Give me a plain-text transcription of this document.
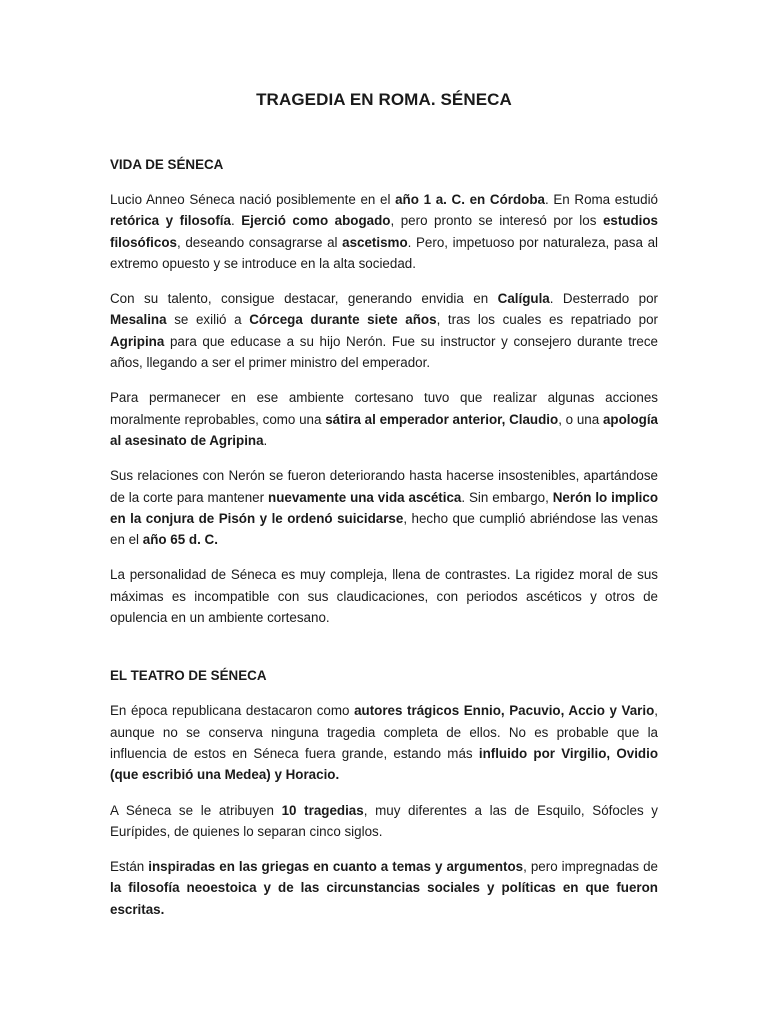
TRAGEDIA EN ROMA. SÉNECA
VIDA DE SÉNECA

Lucio Anneo Séneca nació posiblemente en el año 1 a. C. en Córdoba. En Roma estudió retórica y filosofía. Ejerció como abogado, pero pronto se interesó por los estudios filosóficos, deseando consagrarse al ascetismo. Pero, impetuoso por naturaleza, pasa al extremo opuesto y se introduce en la alta sociedad.

Con su talento, consigue destacar, generando envidia en Calígula. Desterrado por Mesalina se exilió a Córcega durante siete años, tras los cuales es repatriado por Agripina para que educase a su hijo Nerón. Fue su instructor y consejero durante trece años, llegando a ser el primer ministro del emperador.

Para permanecer en ese ambiente cortesano tuvo que realizar algunas acciones moralmente reprobables, como una sátira al emperador anterior, Claudio, o una apología al asesinato de Agripina.

Sus relaciones con Nerón se fueron deteriorando hasta hacerse insostenibles, apartándose de la corte para mantener nuevamente una vida ascética. Sin embargo, Nerón lo implico en la conjura de Pisón y le ordenó suicidarse, hecho que cumplió abriéndose las venas en el año 65 d. C.

La personalidad de Séneca es muy compleja, llena de contrastes. La rigidez moral de sus máximas es incompatible con sus claudicaciones, con periodos ascéticos y otros de opulencia en un ambiente cortesano.

EL TEATRO DE SÉNECA

En época republicana destacaron como autores trágicos Ennio, Pacuvio, Accio y Vario, aunque no se conserva ninguna tragedia completa de ellos. No es probable que la influencia de estos en Séneca fuera grande, estando más influido por Virgilio, Ovidio (que escribió una Medea) y Horacio.

A Séneca se le atribuyen 10 tragedias, muy diferentes a las de Esquilo, Sófocles y Eurípides, de quienes lo separan cinco siglos.

Están inspiradas en las griegas en cuanto a temas y argumentos, pero impregnadas de la filosofía neoestoica y de las circunstancias sociales y políticas en que fueron escritas.
